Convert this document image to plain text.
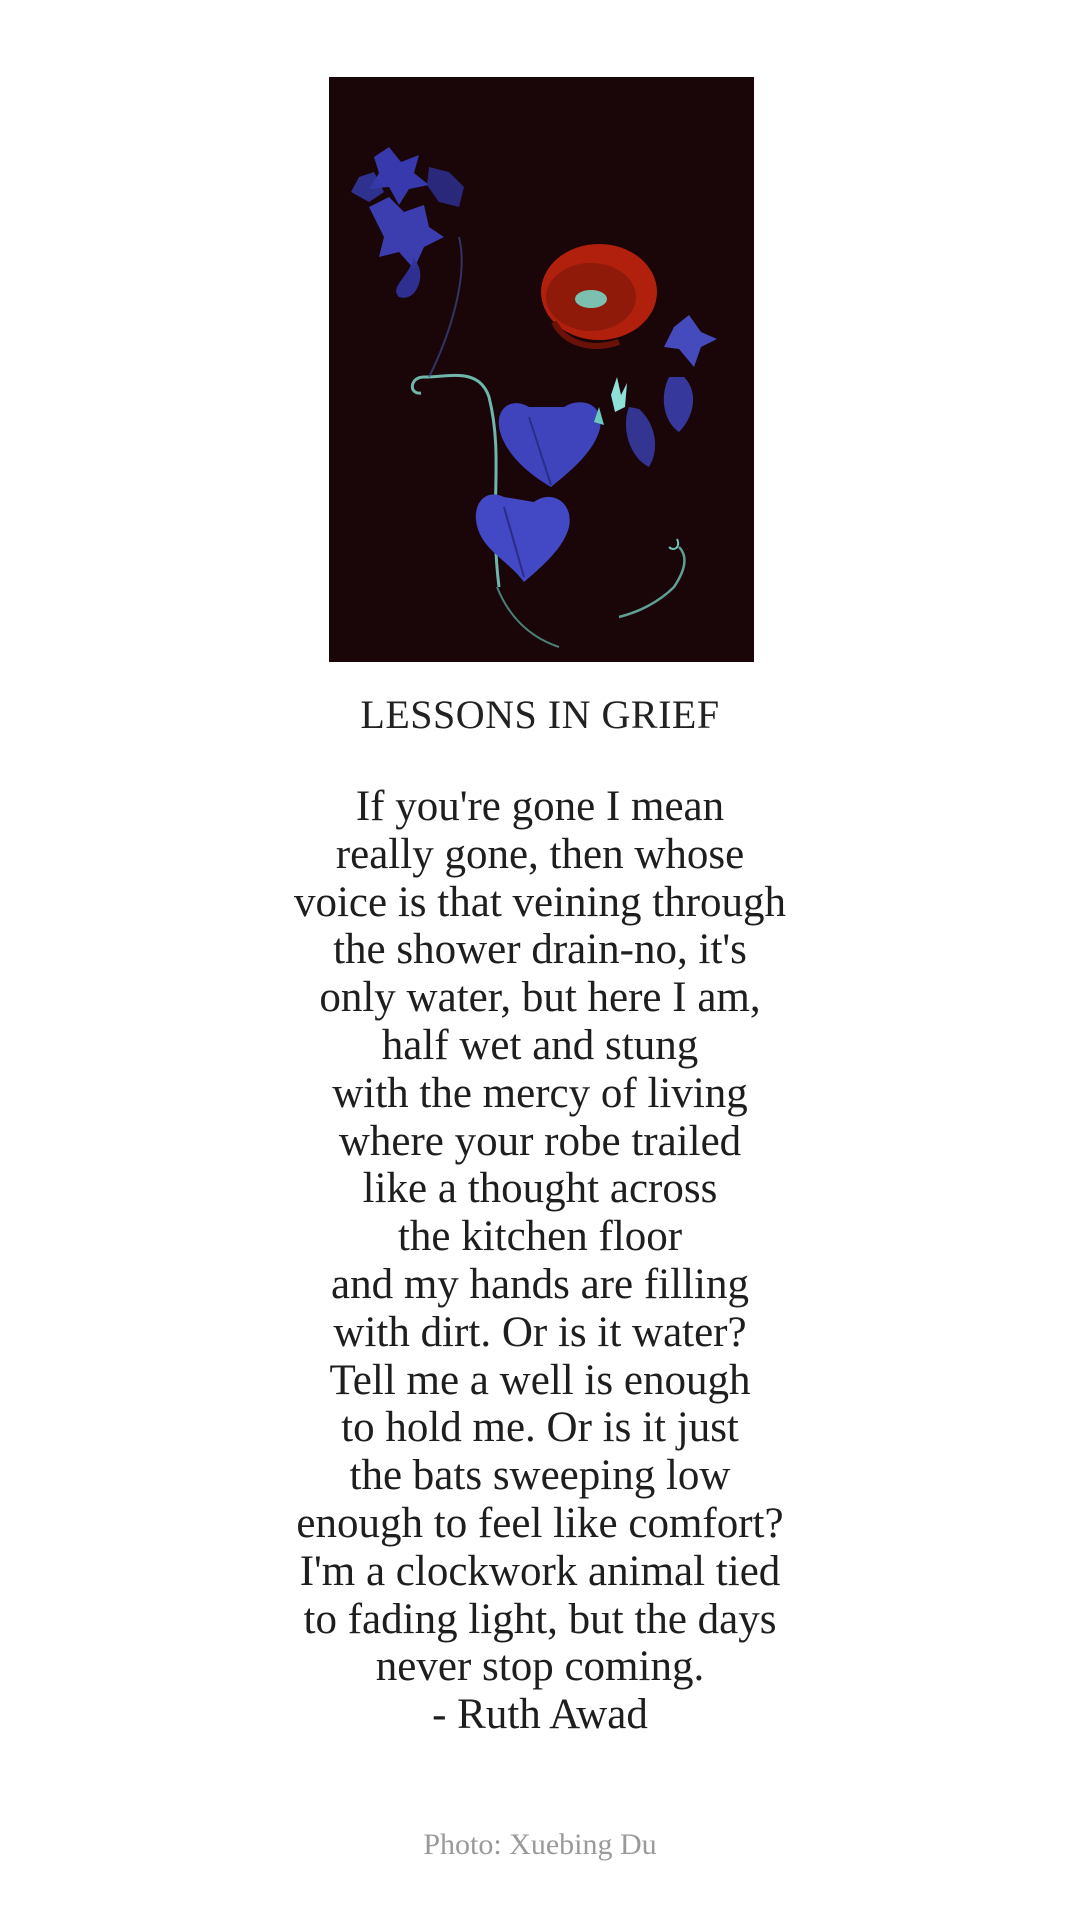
LESSONS IN GRIEF
If you're gone I mean
really gone, then whose
voice is that veining through
the shower drain-no, it's
only water, but here I am,
half wet and stung
with the mercy of living
where your robe trailed
like a thought across
the kitchen floor
and my hands are filling
with dirt. Or is it water?
Tell me a well is enough
to hold me. Or is it just
the bats sweeping low
enough to feel like comfort?
I'm a clockwork animal tied
to fading light, but the days
never stop coming.
- Ruth Awad
Photo: Xuebing Du
